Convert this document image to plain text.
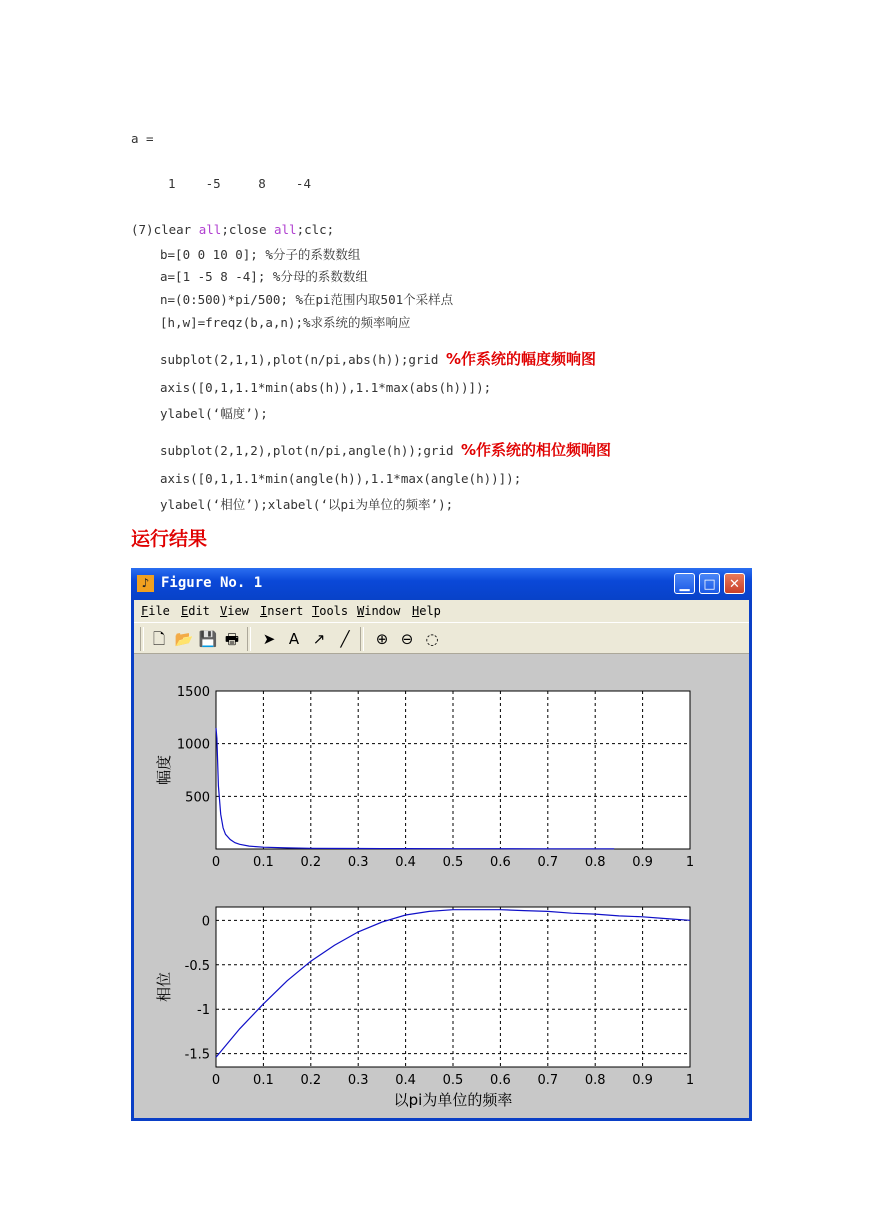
a =
1    -5     8    -4
(7)clear all;close all;clc;
b=[0 0 10 0]; %分子的系数数组
a=[1 -5 8 -4]; %分母的系数数组
n=(0:500)*pi/500; %在pi范围内取501个采样点
[h,w]=freqz(b,a,n);%求系统的频率响应
subplot(2,1,1),plot(n/pi,abs(h));grid %作系统的幅度频响图
axis([0,1,1.1*min(abs(h)),1.1*max(abs(h))]);
ylabel(‘幅度’);
subplot(2,1,2),plot(n/pi,angle(h));grid %作系统的相位频响图
axis([0,1,1.1*min(angle(h)),1.1*max(angle(h))]);
ylabel(‘相位’);xlabel(‘以pi为单位的频率’);
运行结果
♪ Figure No. 1	▁	□	✕
File Edit View Insert Tools Window Help
🗋 📂 💾 🖶 ➤ A ↗	╱	⊕ ⊖ ◌
0	0.1 0.2 0.3 0.4 0.5 0.6 0.7 0.8 0.9	1
500
1000
1500
幅度
0	0.1 0.2 0.3 0.4 0.5 0.6 0.7 0.8 0.9	1
0
-0.5
-1
-1.5
相位
以pi为单位的频率
